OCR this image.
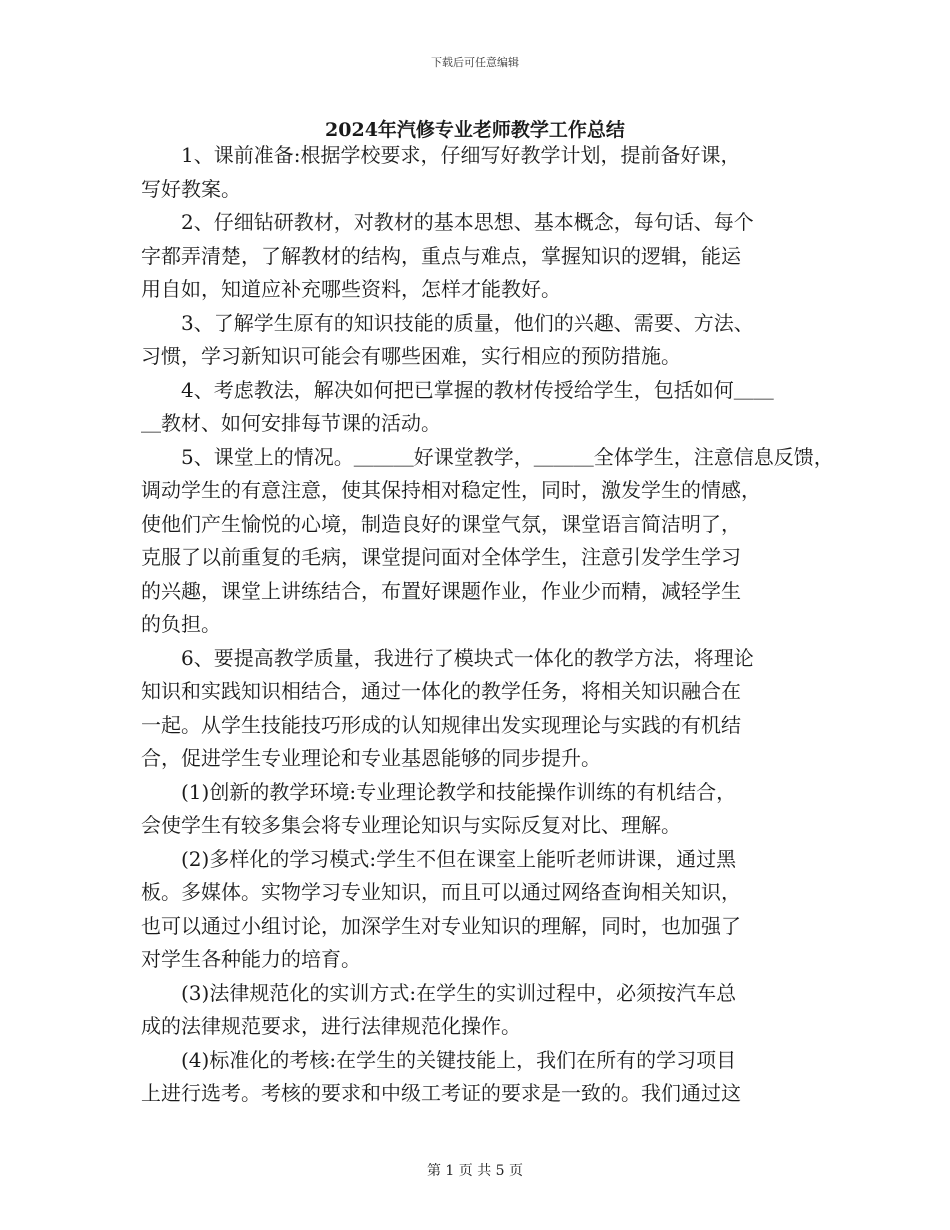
下载后可任意编辑
2024年汽修专业老师教学工作总结
　　1、课前准备:根据学校要求，仔细写好教学计划，提前备好课，
写好教案。
　　2、仔细钻研教材，对教材的基本思想、基本概念，每句话、每个
字都弄清楚，了解教材的结构，重点与难点，掌握知识的逻辑，能运
用自如，知道应补充哪些资料，怎样才能教好。
　　3、了解学生原有的知识技能的质量，他们的兴趣、需要、方法、
习惯，学习新知识可能会有哪些困难，实行相应的预防措施。
　　4、考虑教法，解决如何把已掌握的教材传授给学生，包括如何＿＿
＿教材、如何安排每节课的活动。
　　5、课堂上的情况。＿＿＿好课堂教学，＿＿＿全体学生，注意信息反馈，
调动学生的有意注意，使其保持相对稳定性，同时，激发学生的情感，
使他们产生愉悦的心境，制造良好的课堂气氛，课堂语言简洁明了，
克服了以前重复的毛病，课堂提问面对全体学生，注意引发学生学习
的兴趣，课堂上讲练结合，布置好课题作业，作业少而精，减轻学生
的负担。
　　6、要提高教学质量，我进行了模块式一体化的教学方法，将理论
知识和实践知识相结合，通过一体化的教学任务，将相关知识融合在
一起。从学生技能技巧形成的认知规律出发实现理论与实践的有机结
合，促进学生专业理论和专业基恩能够的同步提升。
　　(1)创新的教学环境:专业理论教学和技能操作训练的有机结合，
会使学生有较多集会将专业理论知识与实际反复对比、理解。
　　(2)多样化的学习模式:学生不但在课室上能听老师讲课，通过黑
板。多媒体。实物学习专业知识，而且可以通过网络查询相关知识，
也可以通过小组讨论，加深学生对专业知识的理解，同时，也加强了
对学生各种能力的培育。
　　(3)法律规范化的实训方式:在学生的实训过程中，必须按汽车总
成的法律规范要求，进行法律规范化操作。
　　(4)标准化的考核:在学生的关键技能上，我们在所有的学习项目
上进行选考。考核的要求和中级工考证的要求是一致的。我们通过这
第 1 页 共 5 页
